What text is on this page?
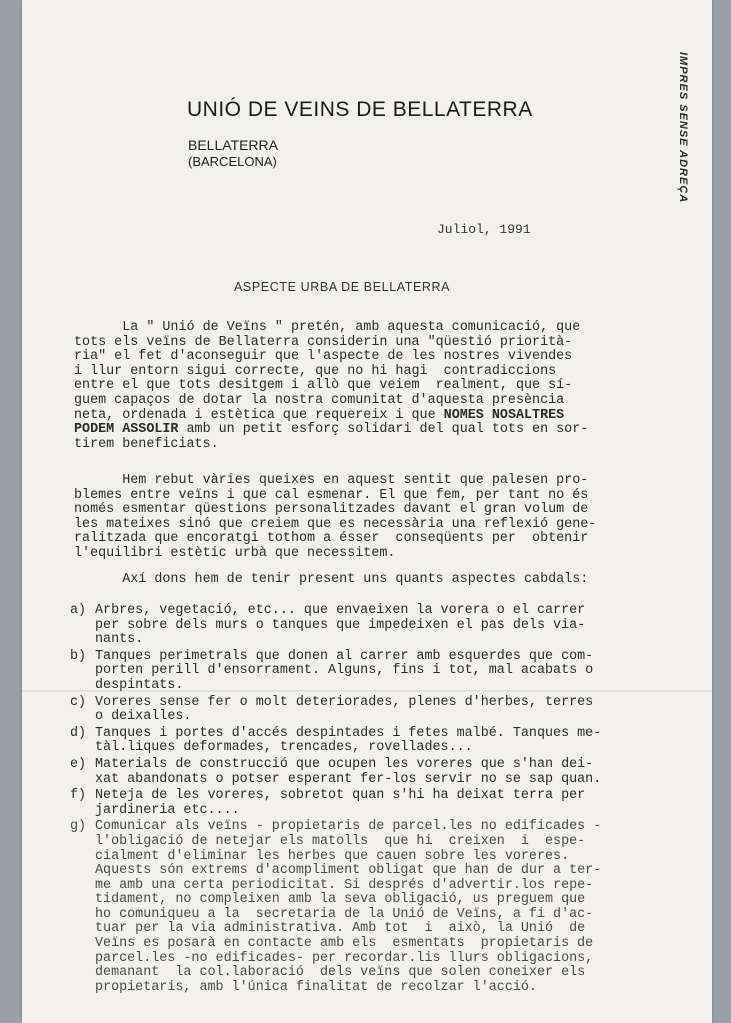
UNIÓ DE VEINS DE BELLATERRA
BELLATERRA
(BARCELONA)	IMPRES SENSE ADREÇA
Juliol, 1991
ASPECTE URBA DE BELLATERRA
La " Unió de Veïns " pretén, amb aquesta comunicació, que
tots els veïns de Bellaterra considerin una "qüestió priorità-
ria" el fet d'aconseguir que l'aspecte de les nostres vivendes
i llur entorn sigui correcte, que no hi hagi  contradiccions
entre el que tots desitgem i allò que veiem  realment, que sí-
guem capaços de dotar la nostra comunitat d'aquesta presència
neta, ordenada i estètica que requereix i que NOMES NOSALTRES
PODEM ASSOLIR amb un petit esforç solidari del qual tots en sor-
tirem beneficiats.
Hem rebut vàries queixes en aquest sentit que palesen pro-
blemes entre veïns i que cal esmenar. El que fem, per tant no és
només esmentar qüestions personalitzades davant el gran volum de
les mateixes sinó que creiem que es necessària una reflexió gene-
ralitzada que encoratgi tothom a ésser  conseqüents per  obtenir
l'equilibri estètic urbà que necessitem.
Axí dons hem de tenir present uns quants aspectes cabdals:
a) Arbres, vegetació, etc... que envaeixen la vorera o el carrer
per sobre dels murs o tanques que impedeixen el pas dels via-
nants.
b) Tanques perimetrals que donen al carrer amb esquerdes que com-
porten perill d'ensorrament. Alguns, fins i tot, mal acabats o
despintats.
c) Voreres sense fer o molt deteriorades, plenes d'herbes, terres
o deixalles.
d) Tanques i portes d'accés despintades i fetes malbé. Tanques me-
tàl.liques deformades, trencades, rovellades...
e) Materials de construcció que ocupen les voreres que s'han dei-
xat abandonats o potser esperant fer-los servir no se sap quan.
f) Neteja de les voreres, sobretot quan s'hi ha deixat terra per
jardineria etc....
g) Comunicar als veïns - propietaris de parcel.les no edificades -
l'obligació de netejar els matolls  que hi  creixen  i  espe-
cialment d'eliminar les herbes que cauen sobre les voreres.
Aquests són extrems d'acompliment obligat que han de dur a ter-
me amb una certa periodicitat. Si després d'advertir.los repe-
tidament, no compleixen amb la seva obligació, us preguem que
ho comuniqueu a la  secretaria de la Unió de Veïns, a fi d'ac-
tuar per la via administrativa. Amb tot  i  això, la Unió  de
Veïns es posarà en contacte amb els  esmentats  propietaris de
parcel.les -no edificades- per recordar.lis llurs obligacions,
demanant  la col.laboració  dels veïns que solen coneixer els
propietaris, amb l'única finalitat de recolzar l'acció.
